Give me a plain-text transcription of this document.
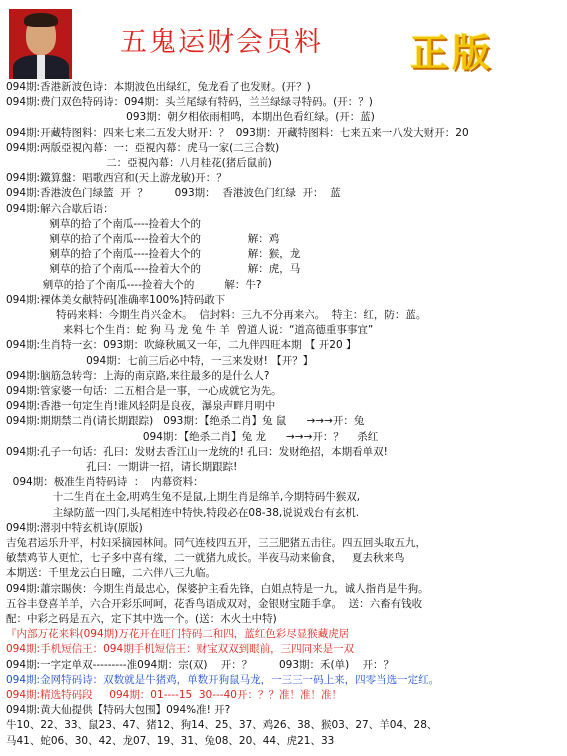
五鬼运财会员料 正版
094期:香港新波色诗：本期波色出绿红，兔龙看了也发财。(开？)
094期:费门双色特码诗：094期：头兰尾绿有特码，兰兰绿绿寻特码。(开：？)
093期：朝夕相依雨相鸣，本期出色看红绿。(开：蓝)
094期:开藏特图料：四来七来二五发大财开：？  093期：开藏特图料：七来五来一八发大财开：20
094期:两版亞視內幕：一：亞視內幕：虎马一家(二三合数)
二：亞視內幕：八月桂花(猪后鼠前)
094期:鐵算盤：唱歌西宫和(天上游龙敏)开：？
094期:香港波色门绿篮  开  ？        093期：  香港波色门红绿  开：  蓝
094期:解六合歇后语：
剜草的拾了个南瓜----捡着大个的
剜草的拾了个南瓜----捡着大个的              解：鸡
剜草的拾了个南瓜----捡着大个的              解：猴，龙
剜草的拾了个南瓜----捡着大个的              解：虎，马
剜草的拾了个南瓜----捡着大个的         解：牛?
094期:裸体美女献特码[准确率100%]特码敢下
特码来料：今期生肖兴金木。  信封料：三九不分再来六。  特主：红，防：蓝。
来料七个生肖：蛇 狗 马 龙 兔 牛 羊  曾道人说：“道高德重事事宜”
094期:生肖特一玄：093期：吹綠秋風又一年，二九伴四旺本期 【 开20 】
094期：七前三后必中特，一三来发财! 【开？】
094期:脑筋急转弯：上海的南京路,来往最多的是什么人?
094期:管家婆一句话：二五相合是一事，一心成就它为先。
094期:香港一句定生肖!谁风轻阴是良夜，瀑泉声畔月明中
094期:期期禁二肖(请长期跟踪)   093期：【绝杀二肖】兔 鼠      →→→开：兔
094期：【绝杀二肖】兔 龙      →→→开：？    杀红
094期:孔子一句话：孔曰：发财去香江山一龙统的! 孔曰：发财绝招，本期看单双!
孔曰：一期讲一招，请长期跟踪!
094期：极准生肖特码诗  ：  内幕资料：
十二生肖在土金,明鸡生兔不是鼠,上期生肖是绵羊,今期特码牛猴双,
主绿防蓝一四门,头尾相连中特快,特段必在08-38,说说戏台有玄机.
094期:潜羽中特玄机诗(原版)
吉兔君运乐升平，村妇采摘园林间。同气连枝四五开，三三肥猪五击往。四五回头取五九，
敏禁鸡节人更忙，七子多中喜有缘，二一就猪九成长。半夜马动来偷食，   夏去秋来鸟
本期送：千里龙云白日曈，二六伴八三九临。
094期:蕭宗賜俠：今期生肖最忠心，保婆护主看先锋，白姐点特是一九，诚人指肖是牛狗。
五谷丰登喜羊羊，六合开彩乐呵呵，花香鸟语成双对，金银财宝随手拿。  送：六畜有钱收
配：中彩之码是五六，定下其中选一个。(送：木火土中特)
『内部万花来料(094期)万花开在旺门特码二和四，蓝红色彩尽显猴藏虎居
094期:手机短信王：094期手机短信王：财宝双双到眼前，三四同来是一双
094期:一字定单双---------准094期：宗(双)    开：？        093期：禾(单)    开：？
094期:金网特码诗：双数就是牛猪鸡，单数开狗鼠马龙，一三三一码上来，四零当选一定红。
094期:精选特码段     094期：01----15  30---40开：？？准！准！准！
094期:黄大仙提供【特码大包围】094%准! 开?
牛10、22、33、鼠23、47、猪12、狗14、25、37、鸡26、38、猴03、27、羊04、28、
马41、蛇06、30、42、龙07、19、31、兔08、20、44、虎21、33
